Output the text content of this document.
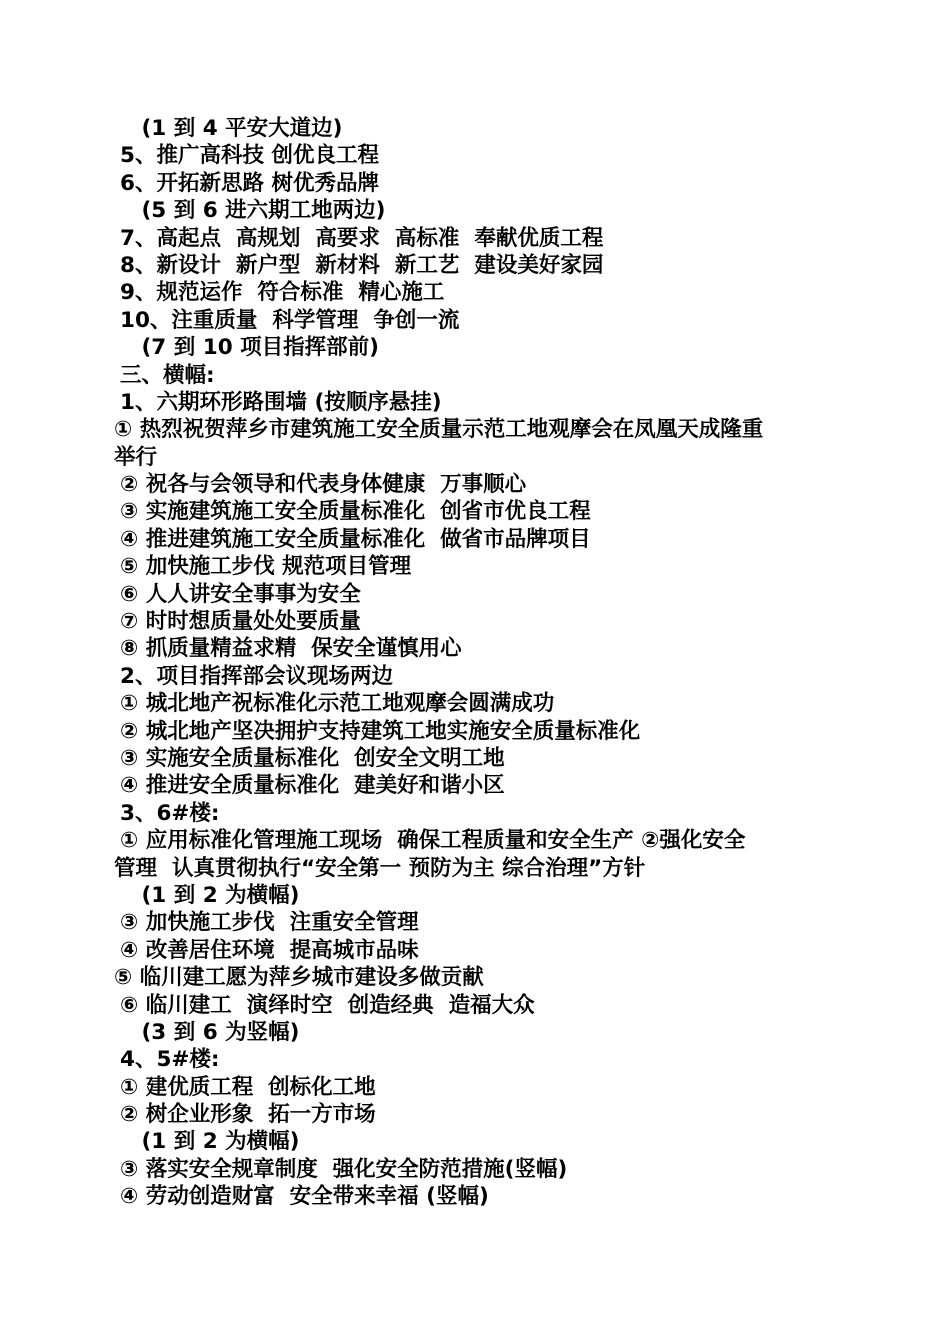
(1 到 4 平安大道边)
5、推广高科技 创优良工程
6、开拓新思路 树优秀品牌
(5 到 6 进六期工地两边)
7、高起点  高规划  高要求  高标准  奉献优质工程
8、新设计  新户型  新材料  新工艺  建设美好家园
9、规范运作  符合标准  精心施工
10、注重质量  科学管理  争创一流
(7 到 10 项目指挥部前)
三、横幅:
1、六期环形路围墙 (按顺序悬挂)
① 热烈祝贺萍乡市建筑施工安全质量示范工地观摩会在凤凰天成隆重
举行
② 祝各与会领导和代表身体健康  万事顺心
③ 实施建筑施工安全质量标准化  创省市优良工程
④ 推进建筑施工安全质量标准化  做省市品牌项目
⑤ 加快施工步伐 规范项目管理
⑥ 人人讲安全事事为安全
⑦ 时时想质量处处要质量
⑧ 抓质量精益求精  保安全谨慎用心
2、项目指挥部会议现场两边
① 城北地产祝标准化示范工地观摩会圆满成功
② 城北地产坚决拥护支持建筑工地实施安全质量标准化
③ 实施安全质量标准化  创安全文明工地
④ 推进安全质量标准化  建美好和谐小区
3、6#楼:
① 应用标准化管理施工现场  确保工程质量和安全生产 ②强化安全
管理  认真贯彻执行“安全第一 预防为主 综合治理”方针
(1 到 2 为横幅)
③ 加快施工步伐  注重安全管理
④ 改善居住环境  提高城市品味
⑤ 临川建工愿为萍乡城市建设多做贡献
⑥ 临川建工  演绎时空  创造经典  造福大众
(3 到 6 为竖幅)
4、5#楼:
① 建优质工程  创标化工地
② 树企业形象  拓一方市场
(1 到 2 为横幅)
③ 落实安全规章制度  强化安全防范措施(竖幅)
④ 劳动创造财富  安全带来幸福 (竖幅)
